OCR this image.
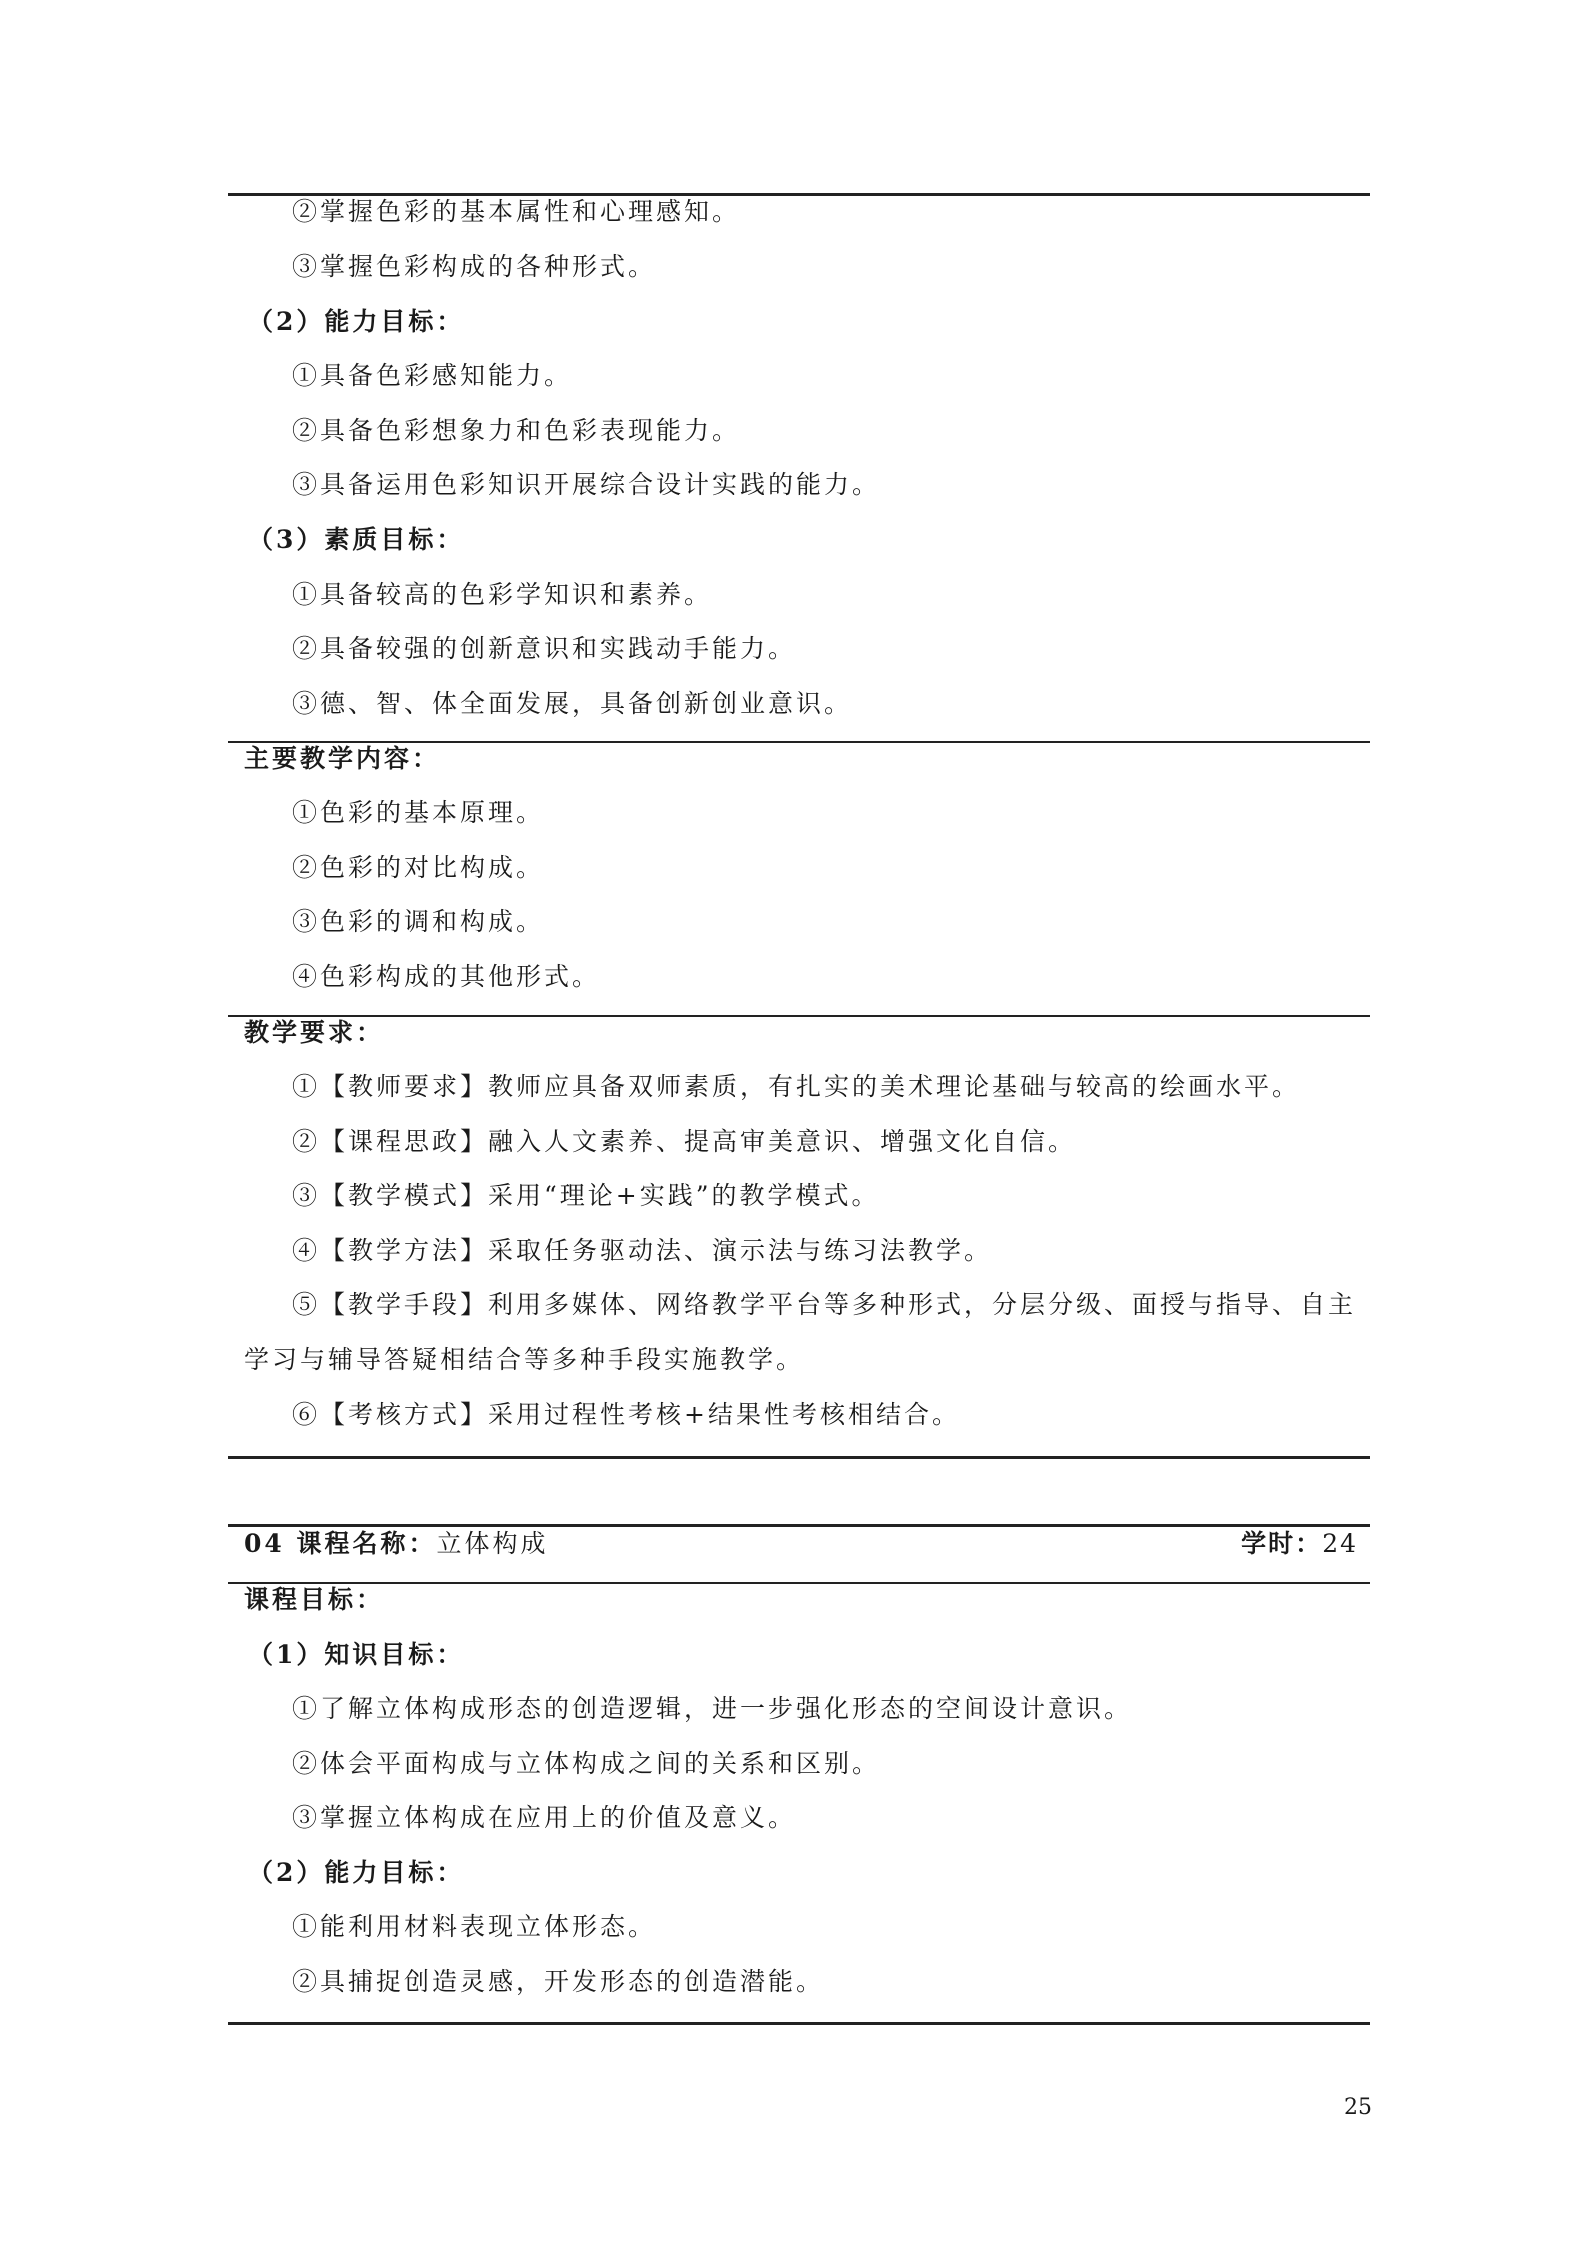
②掌握色彩的基本属性和心理感知。
③掌握色彩构成的各种形式。
（2）能力目标：
①具备色彩感知能力。
②具备色彩想象力和色彩表现能力。
③具备运用色彩知识开展综合设计实践的能力。
（3）素质目标：
①具备较高的色彩学知识和素养。
②具备较强的创新意识和实践动手能力。
③德、智、体全面发展，具备创新创业意识。
主要教学内容：
①色彩的基本原理。
②色彩的对比构成。
③色彩的调和构成。
④色彩构成的其他形式。
教学要求：
①【教师要求】教师应具备双师素质，有扎实的美术理论基础与较高的绘画水平。
②【课程思政】融入人文素养、提高审美意识、增强文化自信。
③【教学模式】采用“理论+实践”的教学模式。
④【教学方法】采取任务驱动法、演示法与练习法教学。
⑤【教学手段】利用多媒体、网络教学平台等多种形式，分层分级、面授与指导、自主
学习与辅导答疑相结合等多种手段实施教学。
⑥【考核方式】采用过程性考核+结果性考核相结合。
04 课程名称：立体构成	学时：24
课程目标：
（1）知识目标：
①了解立体构成形态的创造逻辑，进一步强化形态的空间设计意识。
②体会平面构成与立体构成之间的关系和区别。
③掌握立体构成在应用上的价值及意义。
（2）能力目标：
①能利用材料表现立体形态。
②具捕捉创造灵感，开发形态的创造潜能。
25
